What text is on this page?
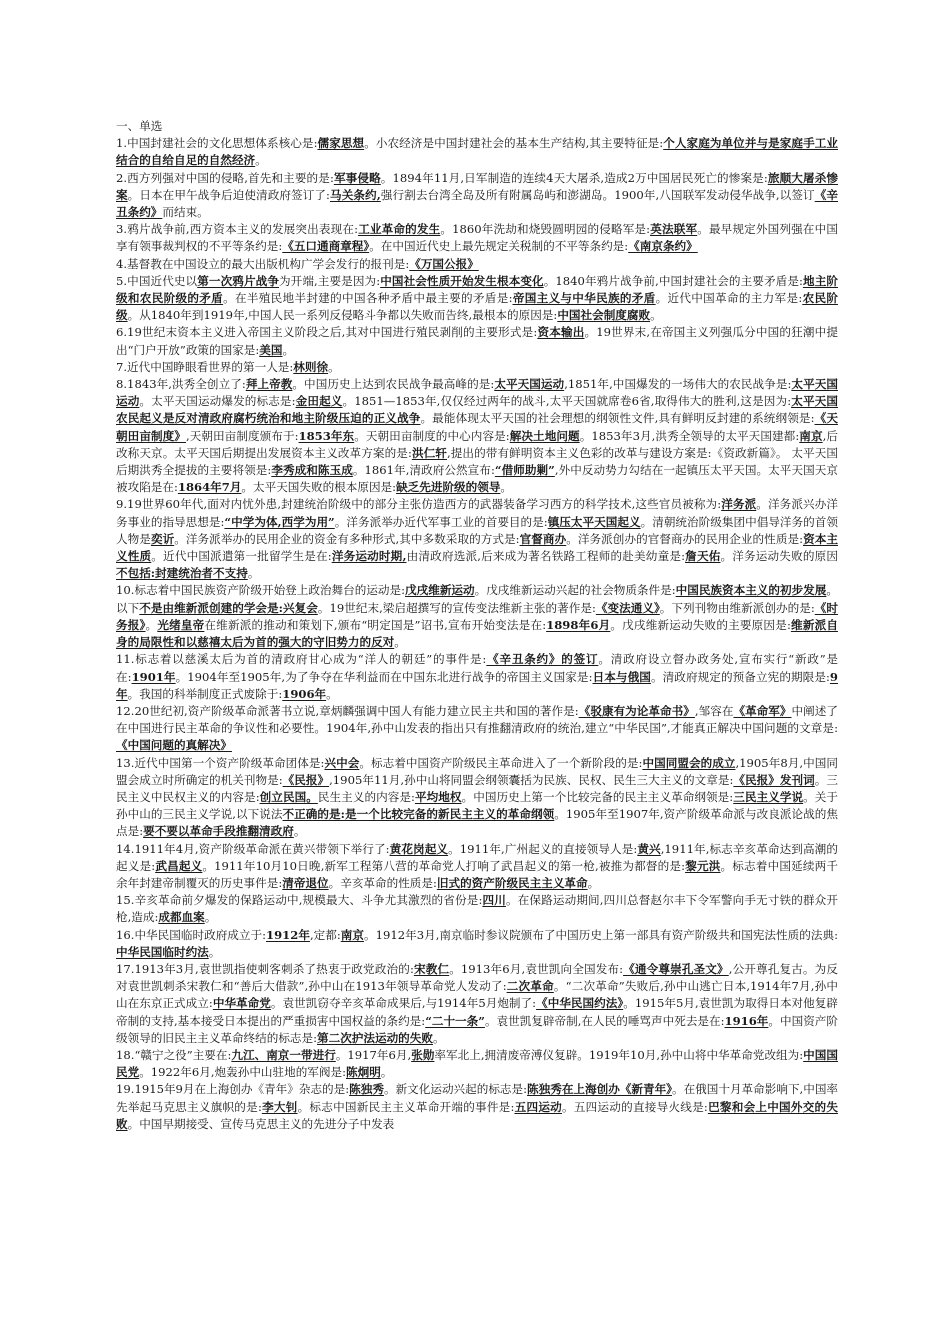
一、单选
1.中国封建社会的文化思想体系核心是:儒家思想。小农经济是中国封建社会的基本生产结构,其主要特征是:个人家庭为单位并与是家庭手工业结合的自给自足的自然经济。
2.西方列强对中国的侵略,首先和主要的是:军事侵略。1894年11月,日军制造的连续4天大屠杀,造成2万中国居民死亡的惨案是:旅顺大屠杀惨案。日本在甲午战争后迫使清政府签订了:马关条约,强行割去台湾全岛及所有附属岛屿和澎湖岛。1900年,八国联军发动侵华战争,以签订《辛丑条约》而结束。
3.鸦片战争前,西方资本主义的发展突出表现在:工业革命的发生。1860年洗劫和烧毁圆明园的侵略军是:英法联军。最早规定外国列强在中国享有领事裁判权的不平等条约是:《五口通商章程》。在中国近代史上最先规定关税制的不平等条约是:《南京条约》
4.基督教在中国设立的最大出版机构广学会发行的报刊是:《万国公报》
5.中国近代史以第一次鸦片战争为开端,主要是因为:中国社会性质开始发生根本变化。1840年鸦片战争前,中国封建社会的主要矛盾是:地主阶级和农民阶级的矛盾。在半殖民地半封建的中国各种矛盾中最主要的矛盾是:帝国主义与中华民族的矛盾。近代中国革命的主力军是:农民阶级。从1840年到1919年,中国人民一系列反侵略斗争都以失败而告终,最根本的原因是:中国社会制度腐败。
6.19世纪末资本主义进入帝国主义阶段之后,其对中国进行殖民剥削的主要形式是:资本输出。19世界末,在帝国主义列强瓜分中国的狂潮中提出“门户开放”政策的国家是:美国。
7.近代中国睁眼看世界的第一人是:林则徐。
8.1843年,洪秀全创立了:拜上帝教。中国历史上达到农民战争最高峰的是:太平天国运动,1851年,中国爆发的一场伟大的农民战争是:太平天国运动。太平天国运动爆发的标志是:金田起义。1851—1853年,仅仅经过两年的战斗,太平天国就席卷6省,取得伟大的胜利,这是因为:太平天国农民起义是反对清政府腐朽统治和地主阶级压迫的正义战争。最能体现太平天国的社会理想的纲领性文件,具有鲜明反封建的系统纲领是:《天朝田亩制度》,天朝田亩制度颁布于:1853年东。天朝田亩制度的中心内容是:解决土地问题。1853年3月,洪秀全领导的太平天国建都:南京,后改称天京。太平天国后期提出发展资本主义改革方案的是:洪仁轩,提出的带有鲜明资本主义色彩的改革与建设方案是:《资政新篇》。 太平天国后期洪秀全提拔的主要将领是:李秀成和陈玉成。1861年,清政府公然宣布:“借师助剿”,外中反动势力勾结在一起镇压太平天国。太平天国天京被攻陷是在:1864年7月。太平天国失败的根本原因是:缺乏先进阶级的领导。
9.19世界60年代,面对内忧外患,封建统治阶级中的部分主张仿造西方的武器装备学习西方的科学技术,这些官员被称为:洋务派。洋务派兴办洋务事业的指导思想是:“中学为体,西学为用”。洋务派举办近代军事工业的首要目的是:镇压太平天国起义。清朝统治阶级集团中倡导洋务的首领人物是奕䜣。洋务派举办的民用企业的资金有多种形式,其中多数采取的方式是:官督商办。洋务派创办的官督商办的民用企业的性质是:资本主义性质。近代中国派遣第一批留学生是在:洋务运动时期,由清政府选派,后来成为著名铁路工程师的赴美幼童是:詹天佑。洋务运动失败的原因不包括:封建统治者不支持。
10.标志着中国民族资产阶级开始登上政治舞台的运动是:戊戌维新运动。戊戌维新运动兴起的社会物质条件是:中国民族资本主义的初步发展。以下不是由维新派创建的学会是:兴复会。19世纪末,梁启超撰写的宣传变法维新主张的著作是:《变法通义》。下列刊物由维新派创办的是:《时务报》。光绪皇帝在维新派的推动和策划下,颁布“明定国是”诏书,宣布开始变法是在:1898年6月。戊戌维新运动失败的主要原因是:维新派自身的局限性和以慈禧太后为首的强大的守旧势力的反对。
11.标志着以慈溪太后为首的清政府甘心成为“洋人的朝廷”的事件是:《辛丑条约》的签订。清政府设立督办政务处,宣布实行“新政”是在:1901年。1904年至1905年,为了争夺在华利益而在中国东北进行战争的帝国主义国家是:日本与俄国。清政府规定的预备立宪的期限是:9年。我国的科举制度正式废除于:1906年。
12.20世纪初,资产阶级革命派著书立说,章炳麟强调中国人有能力建立民主共和国的著作是:《驳康有为论革命书》,邹容在《革命军》中阐述了在中国进行民主革命的争议性和必要性。1904年,孙中山发表的指出只有推翻清政府的统治,建立“中华民国”,才能真正解决中国问题的文章是:《中国问题的真解决》
13.近代中国第一个资产阶级革命团体是:兴中会。标志着中国资产阶级民主革命进入了一个新阶段的是:中国同盟会的成立,1905年8月,中国同盟会成立时所确定的机关刊物是:《民报》,1905年11月,孙中山将同盟会纲领囊括为民族、民权、民生三大主义的文章是:《民报》发刊词。三民主义中民权主义的内容是:创立民国。民生主义的内容是:平均地权。中国历史上第一个比较完备的民主主义革命纲领是:三民主义学说。关于孙中山的三民主义学说,以下说法不正确的是:是一个比较完备的新民主主义的革命纲领。1905年至1907年,资产阶级革命派与改良派论战的焦点是:要不要以革命手段推翻清政府。
14.1911年4月,资产阶级革命派在黄兴带领下举行了:黄花岗起义。1911年,广州起义的直接领导人是:黄兴,1911年,标志辛亥革命达到高潮的起义是:武昌起义。1911年10月10日晚,新军工程第八营的革命党人打响了武昌起义的第一枪,被推为都督的是:黎元洪。标志着中国延续两千余年封建帝制覆灭的历史事件是:清帝退位。辛亥革命的性质是:旧式的资产阶级民主主义革命。
15.辛亥革命前夕爆发的保路运动中,规模最大、斗争尤其激烈的省份是:四川。在保路运动期间,四川总督赵尔丰下令军警向手无寸铁的群众开枪,造成:成都血案。
16.中华民国临时政府成立于:1912年,定都:南京。1912年3月,南京临时参议院颁布了中国历史上第一部具有资产阶级共和国宪法性质的法典:中华民国临时约法。
17.1913年3月,袁世凯指使刺客刺杀了热衷于政党政治的:宋教仁。1913年6月,袁世凯向全国发布:《通令尊崇孔圣文》,公开尊孔复古。为反对袁世凯刺杀宋教仁和“善后大借款”,孙中山在1913年领导革命党人发动了:二次革命。“二次革命”失败后,孙中山逃亡日本,1914年7月,孙中山在东京正式成立:中华革命党。袁世凯窃夺辛亥革命成果后,与1914年5月炮制了:《中华民国约法》。1915年5月,袁世凯为取得日本对他复辟帝制的支持,基本接受日本提出的严重损害中国权益的条约是:“二十一条”。袁世凯复辟帝制,在人民的唾骂声中死去是在:1916年。中国资产阶级领导的旧民主主义革命终结的标志是:第二次护法运动的失败。
18.“赣宁之役”主要在:九江、南京一带进行。1917年6月,张勋率军北上,拥清废帝溥仪复辟。1919年10月,孙中山将中华革命党改组为:中国国民党。1922年6月,炮轰孙中山驻地的军阀是:陈炯明。
19.1915年9月在上海创办《青年》杂志的是:陈独秀。新文化运动兴起的标志是:陈独秀在上海创办《新青年》。在俄国十月革命影响下,中国率先举起马克思主义旗帜的是:李大钊。标志中国新民主主义革命开端的事件是:五四运动。五四运动的直接导火线是:巴黎和会上中国外交的失败。中国早期接受、宣传马克思主义的先进分子中发表
